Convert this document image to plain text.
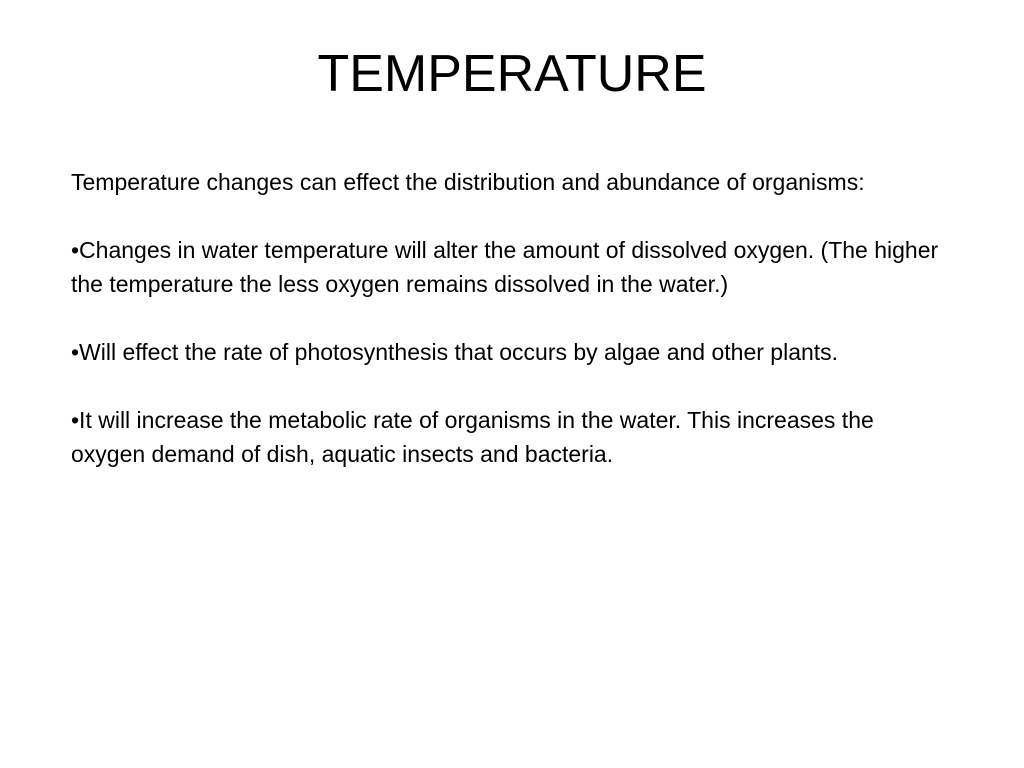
TEMPERATURE

Temperature changes can effect the distribution and abundance of organisms:

•Changes in water temperature will alter the amount of dissolved oxygen. (The higher the temperature the less oxygen remains dissolved in the water.)

•Will effect the rate of photosynthesis that occurs by algae and other plants.

•It will increase the metabolic rate of organisms in the water. This increases the oxygen demand of dish, aquatic insects and bacteria.
